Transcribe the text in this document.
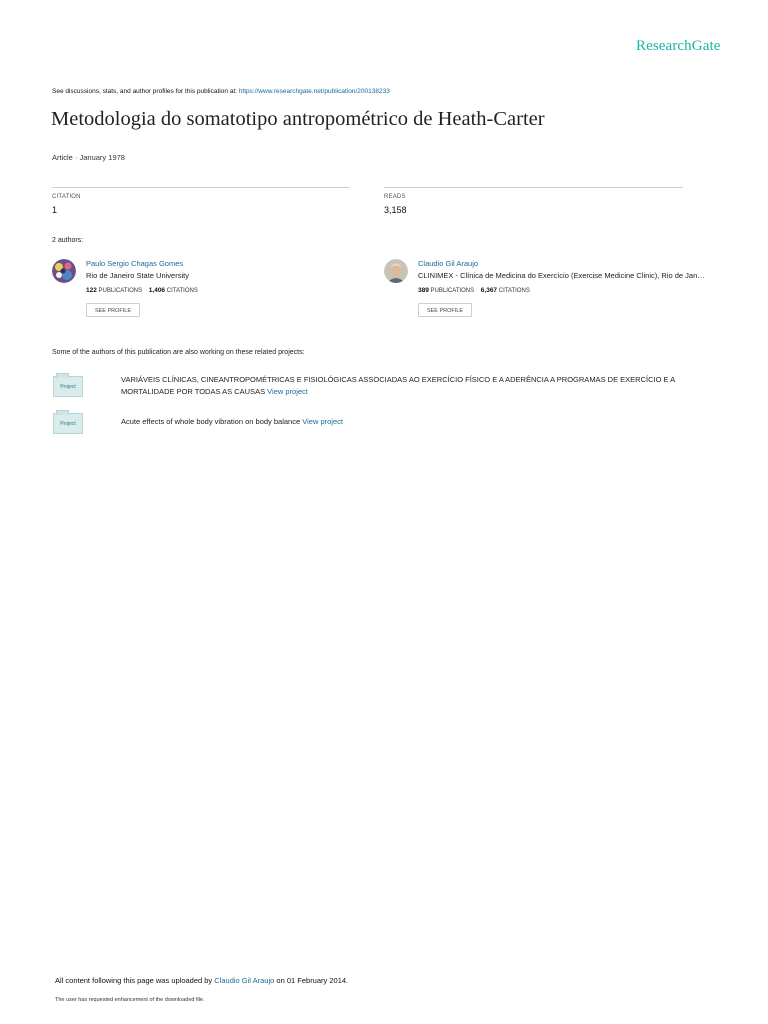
ResearchGate
See discussions, stats, and author profiles for this publication at: https://www.researchgate.net/publication/200138233
Metodologia do somatotipo antropométrico de Heath-Carter
Article · January 1978
CITATION
1
READS
3,158
2 authors:
Paulo Sergio Chagas Gomes
Rio de Janeiro State University
122 PUBLICATIONS 1,406 CITATIONS
SEE PROFILE
Claudio Gil Araujo
CLINIMEX - Clínica de Medicina do Exercício (Exercise Medicine Clinic), Rio de Jan…
389 PUBLICATIONS 6,367 CITATIONS
SEE PROFILE
Some of the authors of this publication are also working on these related projects:
Project
VARIÁVEIS CLÍNICAS, CINEANTROPOMÉTRICAS E FISIOLÓGICAS ASSOCIADAS AO EXERCÍCIO FÍSICO E A ADERÊNCIA A PROGRAMAS DE EXERCÍCIO E A MORTALIDADE POR TODAS AS CAUSAS View project
Project	Acute effects of whole body vibration on body balance View project
All content following this page was uploaded by Claudio Gil Araujo on 01 February 2014.
The user has requested enhancement of the downloaded file.
